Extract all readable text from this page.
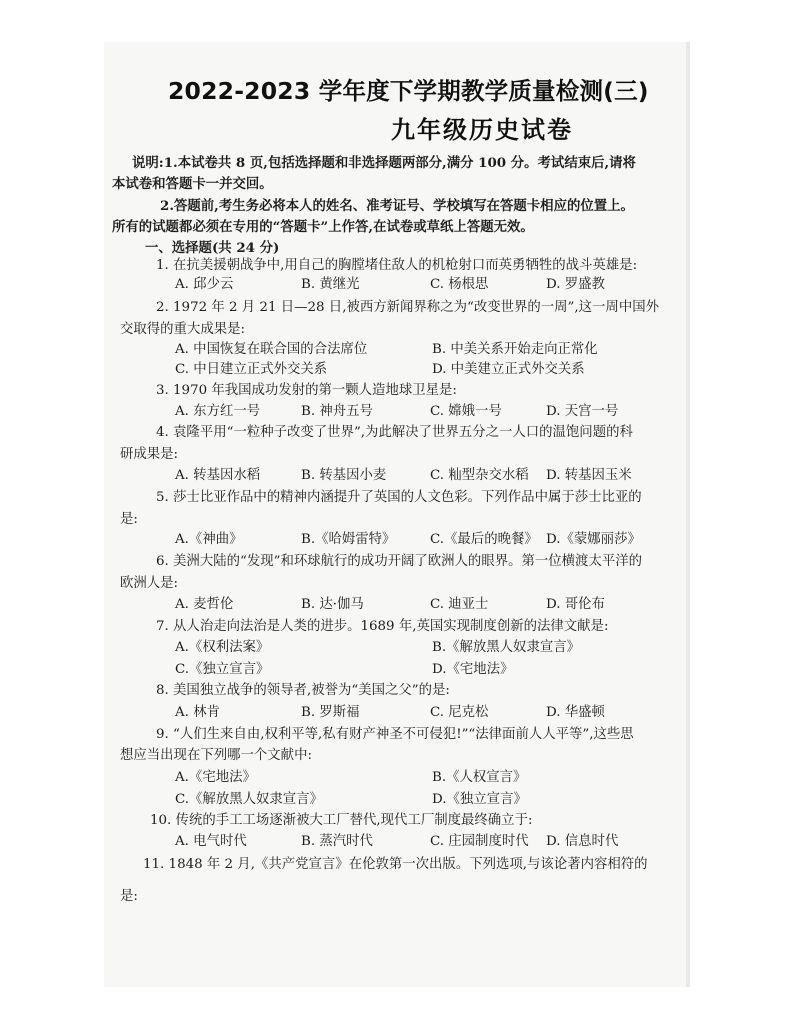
2022-2023 学年度下学期教学质量检测(三)
九年级历史试卷
说明:1.本试卷共 8 页,包括选择题和非选择题两部分,满分 100 分。考试结束后,请将
本试卷和答题卡一并交回。
2.答题前,考生务必将本人的姓名、准考证号、学校填写在答题卡相应的位置上。
所有的试题都必须在专用的“答题卡”上作答,在试卷或草纸上答题无效。
一、选择题(共 24 分)
1. 在抗美援朝战争中,用自己的胸膛堵住敌人的机枪射口而英勇牺牲的战斗英雄是:
A. 邱少云	B. 黄继光	C. 杨根思	D. 罗盛教
2. 1972 年 2 月 21 日—28 日,被西方新闻界称之为“改变世界的一周”,这一周中国外
交取得的重大成果是:
A. 中国恢复在联合国的合法席位	B. 中美关系开始走向正常化
C. 中日建立正式外交关系	D. 中美建立正式外交关系
3. 1970 年我国成功发射的第一颗人造地球卫星是:
A. 东方红一号	B. 神舟五号	C. 嫦娥一号	D. 天宫一号
4. 袁隆平用“一粒种子改变了世界”,为此解决了世界五分之一人口的温饱问题的科
研成果是:
A. 转基因水稻	B. 转基因小麦	C. 籼型杂交水稻 D. 转基因玉米
5. 莎士比亚作品中的精神内涵提升了英国的人文色彩。下列作品中属于莎士比亚的
是:
A.《神曲》	B.《哈姆雷特》	C.《最后的晚餐》 D.《蒙娜丽莎》
6. 美洲大陆的“发现”和环球航行的成功开阔了欧洲人的眼界。第一位横渡太平洋的
欧洲人是:
A. 麦哲伦	B. 达·伽马	C. 迪亚士	D. 哥伦布
7. 从人治走向法治是人类的进步。1689 年,英国实现制度创新的法律文献是:
A.《权利法案》	B.《解放黑人奴隶宣言》
C.《独立宣言》	D.《宅地法》
8. 美国独立战争的领导者,被誉为“美国之父”的是:
A. 林肯	B. 罗斯福	C. 尼克松	D. 华盛顿
9. “人们生来自由,权利平等,私有财产神圣不可侵犯!”“法律面前人人平等”,这些思
想应当出现在下列哪一个文献中:
A.《宅地法》	B.《人权宣言》
C.《解放黑人奴隶宣言》	D.《独立宣言》
10. 传统的手工工场逐渐被大工厂替代,现代工厂制度最终确立于:
A. 电气时代	B. 蒸汽时代	C. 庄园制度时代 D. 信息时代
11. 1848 年 2 月,《共产党宣言》在伦敦第一次出版。下列选项,与该论著内容相符的
是:
